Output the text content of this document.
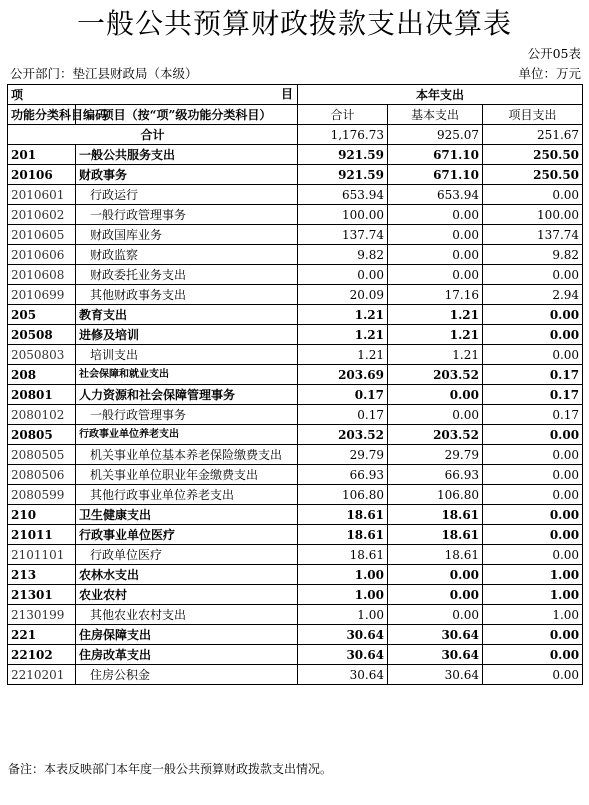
一般公共预算财政拨款支出决算表
公开05表
公开部门：垫江县财政局（本级）	单位：万元
项 目		本年支出		
功能分类科目编码	项目（按“项”级功能分类科目）	合计	基本支出	项目支出
合计		1,176.73	925.07	251.67
201	一般公共服务支出	921.59	671.10	250.50
20106	财政事务	921.59	671.10	250.50
2010601	行政运行	653.94	653.94	0.00
2010602	一般行政管理事务	100.00	0.00	100.00
2010605	财政国库业务	137.74	0.00	137.74
2010606	财政监察	9.82	0.00	9.82
2010608	财政委托业务支出	0.00	0.00	0.00
2010699	其他财政事务支出	20.09	17.16	2.94
205	教育支出	1.21	1.21	0.00
20508	进修及培训	1.21	1.21	0.00
2050803	培训支出	1.21	1.21	0.00
208	社会保障和就业支出	203.69	203.52	0.17
20801	人力资源和社会保障管理事务	0.17	0.00	0.17
2080102	一般行政管理事务	0.17	0.00	0.17
20805	行政事业单位养老支出	203.52	203.52	0.00
2080505	机关事业单位基本养老保险缴费支出	29.79	29.79	0.00
2080506	机关事业单位职业年金缴费支出	66.93	66.93	0.00
2080599	其他行政事业单位养老支出	106.80	106.80	0.00
210	卫生健康支出	18.61	18.61	0.00
21011	行政事业单位医疗	18.61	18.61	0.00
2101101	行政单位医疗	18.61	18.61	0.00
213	农林水支出	1.00	0.00	1.00
21301	农业农村	1.00	0.00	1.00
2130199	其他农业农村支出	1.00	0.00	1.00
221	住房保障支出	30.64	30.64	0.00
22102	住房改革支出	30.64	30.64	0.00
2210201	住房公积金	30.64	30.64	0.00
备注：本表反映部门本年度一般公共预算财政拨款支出情况。
